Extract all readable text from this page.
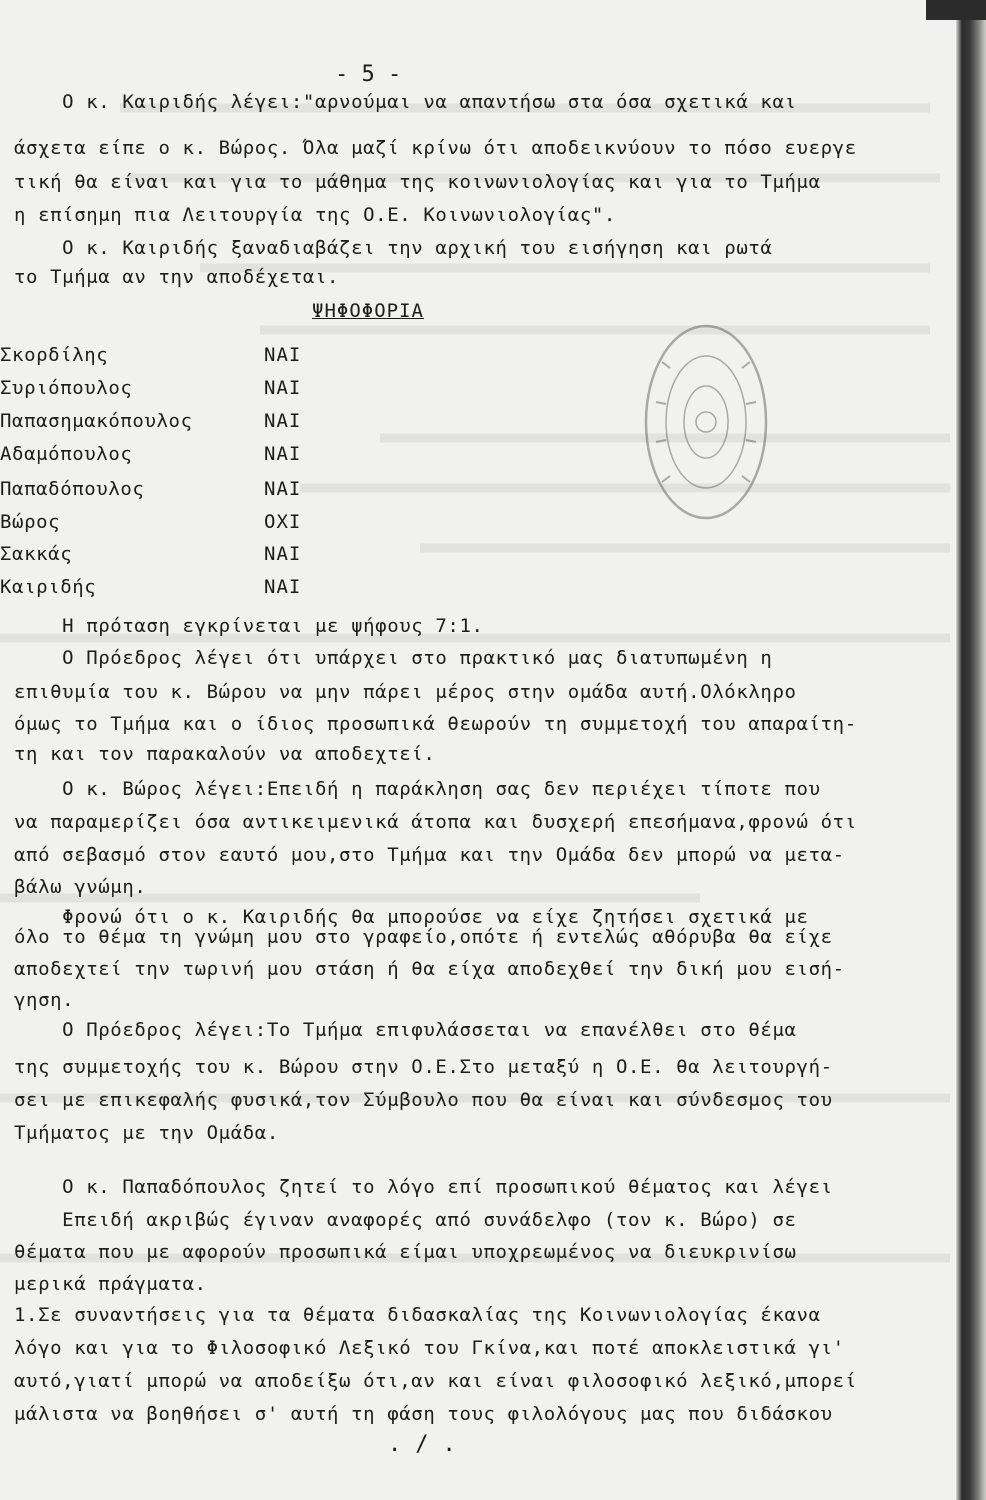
- 5 -
Ο κ. Καιριδής λέγει:"αρνούμαι να απαντήσω στα όσα σχετικά και
άσχετα είπε ο κ. Βώρος. Όλα μαζί κρίνω ότι αποδεικνύουν το πόσο ευεργε
τική θα είναι και για το μάθημα της κοινωνιολογίας και για το Τμήμα
η επίσημη πια Λειτουργία της Ο.Ε. Κοινωνιολογίας".
Ο κ. Καιριδής ξαναδιαβάζει την αρχική του εισήγηση και ρωτά
το Τμήμα αν την αποδέχεται.
ΨΗΦΟΦΟΡΙΑ
Σκορδίλης	ΝΑΙ
Συριόπουλος	ΝΑΙ
Παπασημακόπουλος	ΝΑΙ
Αδαμόπουλος	ΝΑΙ
Παπαδόπουλος	ΝΑΙ
Βώρος	ΟΧΙ
Σακκάς	ΝΑΙ
Καιριδής	ΝΑΙ
Η πρόταση εγκρίνεται με ψήφους 7:1.
Ο Πρόεδρος λέγει ότι υπάρχει στο πρακτικό μας διατυπωμένη η
επιθυμία του κ. Βώρου να μην πάρει μέρος στην ομάδα αυτή.Ολόκληρο
όμως το Τμήμα και ο ίδιος προσωπικά θεωρούν τη συμμετοχή του απαραίτη-
τη και τον παρακαλούν να αποδεχτεί.
Ο κ. Βώρος λέγει:Επειδή η παράκληση σας δεν περιέχει τίποτε που
να παραμερίζει όσα αντικειμενικά άτοπα και δυσχερή επεσήμανα,φρονώ ότι
από σεβασμό στον εαυτό μου,στο Τμήμα και την Ομάδα δεν μπορώ να μετα-
βάλω γνώμη.
Φρονώ ότι ο κ. Καιριδής θα μπορούσε να είχε ζητήσει σχετικά με
όλο το θέμα τη γνώμη μου στο γραφείο,οπότε ή εντελώς αθόρυβα θα είχε
αποδεχτεί την τωρινή μου στάση ή θα είχα αποδεχθεί την δική μου εισή-
γηση.
Ο Πρόεδρος λέγει:Το Τμήμα επιφυλάσσεται να επανέλθει στο θέμα
της συμμετοχής του κ. Βώρου στην Ο.Ε.Στο μεταξύ η Ο.Ε. θα λειτουργή-
σει με επικεφαλής φυσικά,τον Σύμβουλο που θα είναι και σύνδεσμος του
Τμήματος με την Ομάδα.
Ο κ. Παπαδόπουλος ζητεί το λόγο επί προσωπικού θέματος και λέγει
Επειδή ακριβώς έγιναν αναφορές από συνάδελφο (τον κ. Βώρο) σε
θέματα που με αφορούν προσωπικά είμαι υποχρεωμένος να διευκρινίσω
μερικά πράγματα.
1.Σε συναντήσεις για τα θέματα διδασκαλίας της Κοινωνιολογίας έκανα
λόγο και για το Φιλοσοφικό Λεξικό του Γκίνα,και ποτέ αποκλειστικά γι'
αυτό,γιατί μπορώ να αποδείξω ότι,αν και είναι φιλοσοφικό λεξικό,μπορεί
μάλιστα να βοηθήσει σ' αυτή τη φάση τους φιλολόγους μας που διδάσκου
./.
